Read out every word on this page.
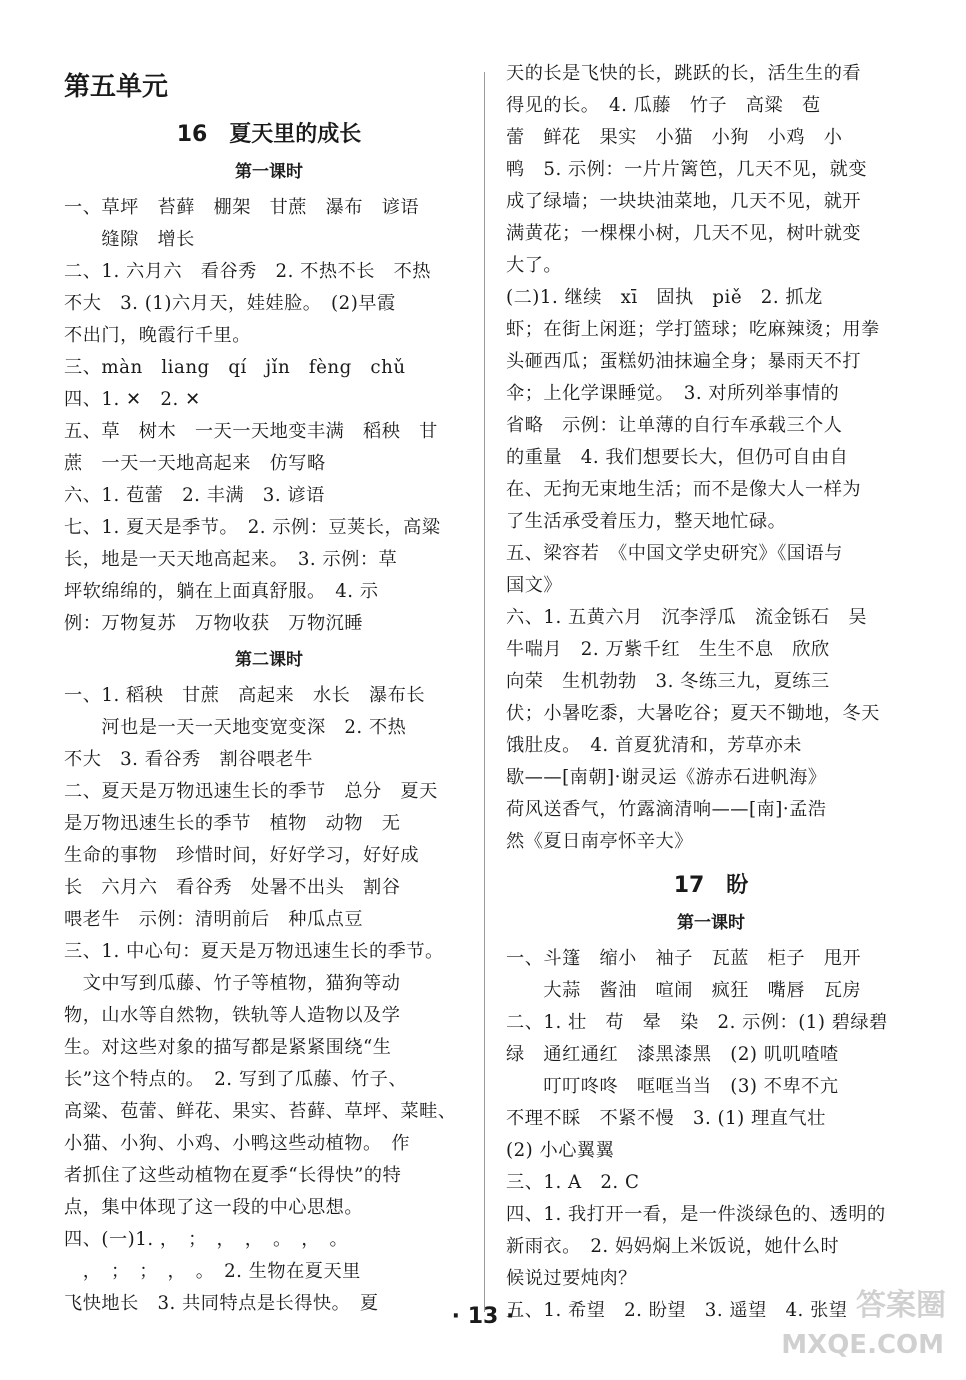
第五单元
16　夏天里的成长
第一课时
一、草坪　苔藓　棚架　甘蔗　瀑布　谚语
　　缝隙　增长
二、1. 六月六　看谷秀　2. 不热不长　不热
不大　3. (1)六月天，娃娃脸。　(2)早霞
不出门，晚霞行千里。
三、màn　liang　qí　jǐn　fèng　chǔ
四、1. ✕　2. ✕
五、草　树木　一天一天地变丰满　稻秧　甘
蔗　一天一天地高起来　仿写略
六、1. 苞蕾　2. 丰满　3. 谚语
七、1. 夏天是季节。　2. 示例：豆荚长，高粱
长，地是一天天地高起来。　3. 示例：草
坪软绵绵的，躺在上面真舒服。　4. 示
例：万物复苏　万物收获　万物沉睡
第二课时
一、1. 稻秧　甘蔗　高起来　水长　瀑布长
　　河也是一天一天地变宽变深　2. 不热
不大　3. 看谷秀　割谷喂老牛
二、夏天是万物迅速生长的季节　总分　夏天
是万物迅速生长的季节　植物　动物　无
生命的事物　珍惜时间，好好学习，好好成
长　六月六　看谷秀　处暑不出头　割谷
喂老牛　示例：清明前后　种瓜点豆
三、1. 中心句：夏天是万物迅速生长的季节。
　文中写到瓜藤、竹子等植物，猫狗等动
物，山水等自然物，铁轨等人造物以及学
生。对这些对象的描写都是紧紧围绕“生
长”这个特点的。　2. 写到了瓜藤、竹子、
高粱、苞蕾、鲜花、果实、苔藓、草坪、菜畦、
小猫、小狗、小鸡、小鸭这些动植物。　作
者抓住了这些动植物在夏季“长得快”的特
点，集中体现了这一段的中心思想。
四、(一)1. ，　；　，　，　。　，　。
　，　；　；　，　。　2. 生物在夏天里
飞快地长　3. 共同特点是长得快。　夏
天的长是飞快的长，跳跃的长，活生生的看
得见的长。　4. 瓜藤　竹子　高粱　苞
蕾　鲜花　果实　小猫　小狗　小鸡　小
鸭　5. 示例：一片片篱笆，几天不见，就变
成了绿墙；一块块油菜地，几天不见，就开
满黄花；一棵棵小树，几天不见，树叶就变
大了。
(二)1. 继续　xī　固执　piě　2. 抓龙
虾；在街上闲逛；学打篮球；吃麻辣烫；用拳
头砸西瓜；蛋糕奶油抹遍全身；暴雨天不打
伞；上化学课睡觉。　3. 对所列举事情的
省略　示例：让单薄的自行车承载三个人
的重量　4. 我们想要长大，但仍可自由自
在、无拘无束地生活；而不是像大人一样为
了生活承受着压力，整天地忙碌。
五、梁容若　《中国文学史研究》《国语与
国文》
六、1. 五黄六月　沉李浮瓜　流金铄石　吴
牛喘月　2. 万紫千红　生生不息　欣欣
向荣　生机勃勃　3. 冬练三九，夏练三
伏；小暑吃黍，大暑吃谷；夏天不锄地，冬天
饿肚皮。　4. 首夏犹清和，芳草亦未
歇——[南朝]·谢灵运《游赤石进帆海》
荷风送香气，竹露滴清响——[南]·孟浩
然《夏日南亭怀辛大》
17　盼
第一课时
一、斗篷　缩小　袖子　瓦蓝　柜子　甩开
　　大蒜　酱油　喧闹　疯狂　嘴唇　瓦房
二、1. 壮　苟　晕　染　2. 示例：(1) 碧绿碧
绿　通红通红　漆黑漆黑　(2) 叽叽喳喳
　　叮叮咚咚　哐哐当当　(3) 不卑不亢
不理不睬　不紧不慢　3. (1) 理直气壮
(2) 小心翼翼
三、1. A　2. C
四、1. 我打开一看，是一件淡绿色的、透明的
新雨衣。　2. 妈妈焖上米饭说，她什么时
候说过要炖肉？
五、1. 希望　2. 盼望　3. 遥望　4. 张望
· 13 ·	答案圈
MXQE.COM
